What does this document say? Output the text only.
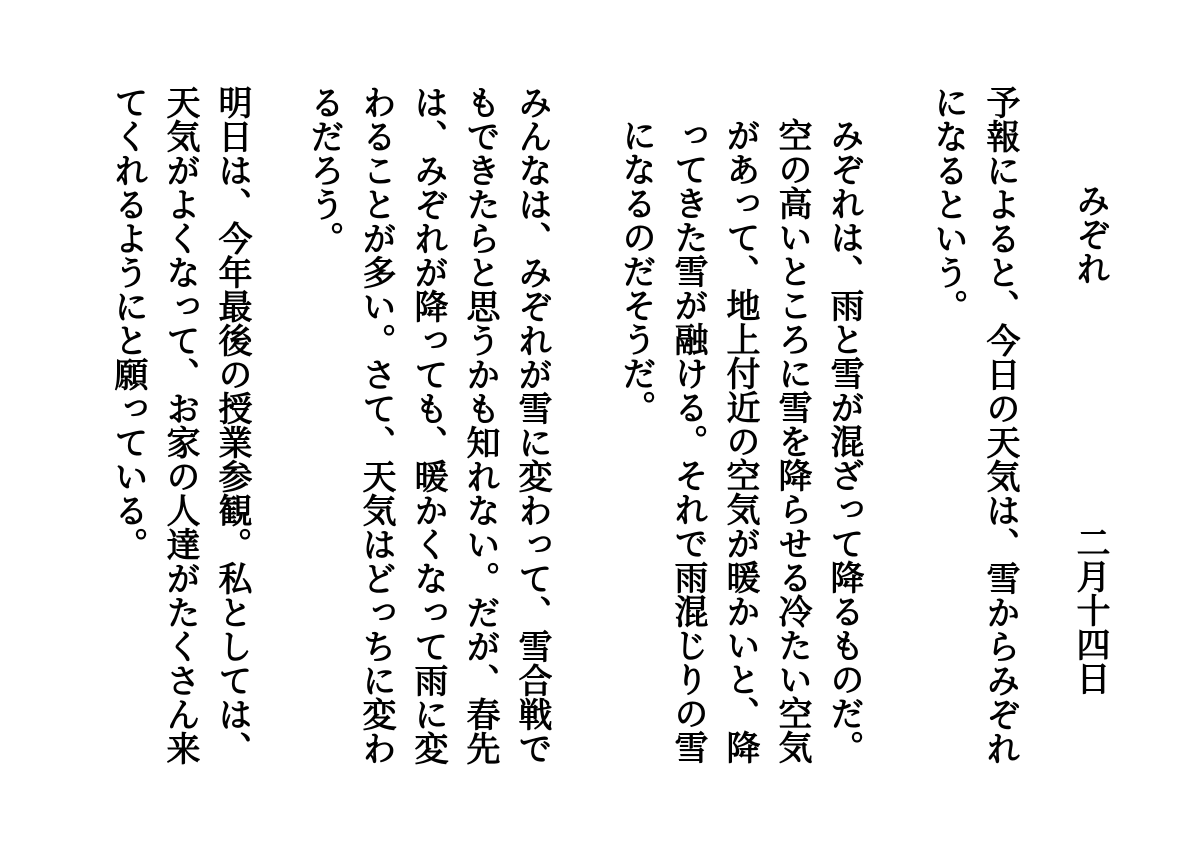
みぞれ
二月十四日
予報によると、今日の天気は、雪からみぞれになるという。
みぞれは、雨と雪が混ざって降るものだ。空の高いところに雪を降らせる冷たい空気があって、地上付近の空気が暖かいと、降ってきた雪が融ける。それで雨混じりの雪になるのだそうだ。
みんなは、みぞれが雪に変わって、雪合戦でもできたらと思うかも知れない。だが、春先は、みぞれが降っても、暖かくなって雨に変わることが多い。さて、天気はどっちに変わるだろう。
明日は、今年最後の授業参観。私としては、天気がよくなって、お家の人達がたくさん来てくれるようにと願っている。
